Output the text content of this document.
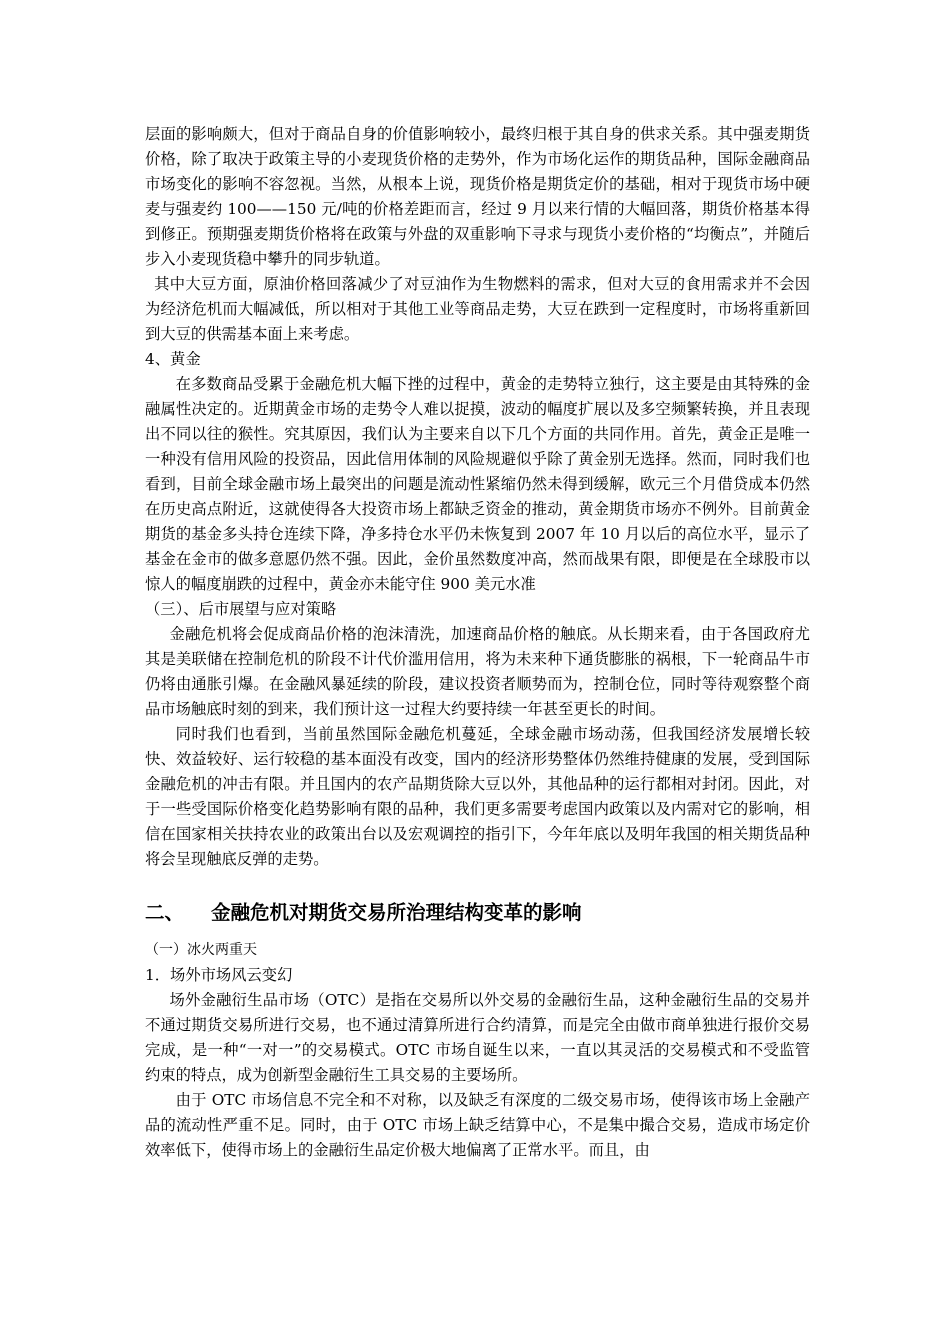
层面的影响颇大，但对于商品自身的价值影响较小，最终归根于其自身的供求关系。其中强麦期货价格，除了取决于政策主导的小麦现货价格的走势外，作为市场化运作的期货品种，国际金融商品市场变化的影响不容忽视。当然，从根本上说，现货价格是期货定价的基础，相对于现货市场中硬麦与强麦约 100——150 元/吨的价格差距而言，经过 9 月以来行情的大幅回落，期货价格基本得到修正。预期强麦期货价格将在政策与外盘的双重影响下寻求与现货小麦价格的“均衡点”，并随后步入小麦现货稳中攀升的同步轨道。

其中大豆方面，原油价格回落减少了对豆油作为生物燃料的需求，但对大豆的食用需求并不会因为经济危机而大幅减低，所以相对于其他工业等商品走势，大豆在跌到一定程度时，市场将重新回到大豆的供需基本面上来考虑。

4、黄金

在多数商品受累于金融危机大幅下挫的过程中，黄金的走势特立独行，这主要是由其特殊的金融属性决定的。近期黄金市场的走势令人难以捉摸，波动的幅度扩展以及多空频繁转换，并且表现出不同以往的猴性。究其原因，我们认为主要来自以下几个方面的共同作用。首先，黄金正是唯一一种没有信用风险的投资品，因此信用体制的风险规避似乎除了黄金别无选择。然而，同时我们也看到，目前全球金融市场上最突出的问题是流动性紧缩仍然未得到缓解，欧元三个月借贷成本仍然在历史高点附近，这就使得各大投资市场上都缺乏资金的推动，黄金期货市场亦不例外。目前黄金期货的基金多头持仓连续下降，净多持仓水平仍未恢复到 2007 年 10 月以后的高位水平，显示了基金在金市的做多意愿仍然不强。因此，金价虽然数度冲高，然而战果有限，即便是在全球股市以惊人的幅度崩跌的过程中，黄金亦未能守住 900 美元水准

（三）、后市展望与应对策略

金融危机将会促成商品价格的泡沫清洗，加速商品价格的触底。从长期来看，由于各国政府尤其是美联储在控制危机的阶段不计代价滥用信用，将为未来种下通货膨胀的祸根，下一轮商品牛市仍将由通胀引爆。在金融风暴延续的阶段，建议投资者顺势而为，控制仓位，同时等待观察整个商品市场触底时刻的到来，我们预计这一过程大约要持续一年甚至更长的时间。

同时我们也看到，当前虽然国际金融危机蔓延，全球金融市场动荡，但我国经济发展增长较快、效益较好、运行较稳的基本面没有改变，国内的经济形势整体仍然维持健康的发展，受到国际金融危机的冲击有限。并且国内的农产品期货除大豆以外，其他品种的运行都相对封闭。因此，对于一些受国际价格变化趋势影响有限的品种，我们更多需要考虑国内政策以及内需对它的影响，相信在国家相关扶持农业的政策出台以及宏观调控的指引下，今年年底以及明年我国的相关期货品种将会呈现触底反弹的走势。

二、 金融危机对期货交易所治理结构变革的影响

（一）冰火两重天

1．场外市场风云变幻

场外金融衍生品市场（OTC）是指在交易所以外交易的金融衍生品，这种金融衍生品的交易并不通过期货交易所进行交易，也不通过清算所进行合约清算，而是完全由做市商单独进行报价交易完成，是一种“一对一”的交易模式。OTC 市场自诞生以来，一直以其灵活的交易模式和不受监管约束的特点，成为创新型金融衍生工具交易的主要场所。

由于 OTC 市场信息不完全和不对称，以及缺乏有深度的二级交易市场，使得该市场上金融产品的流动性严重不足。同时，由于 OTC 市场上缺乏结算中心，不是集中撮合交易，造成市场定价效率低下，使得市场上的金融衍生品定价极大地偏离了正常水平。而且，由
